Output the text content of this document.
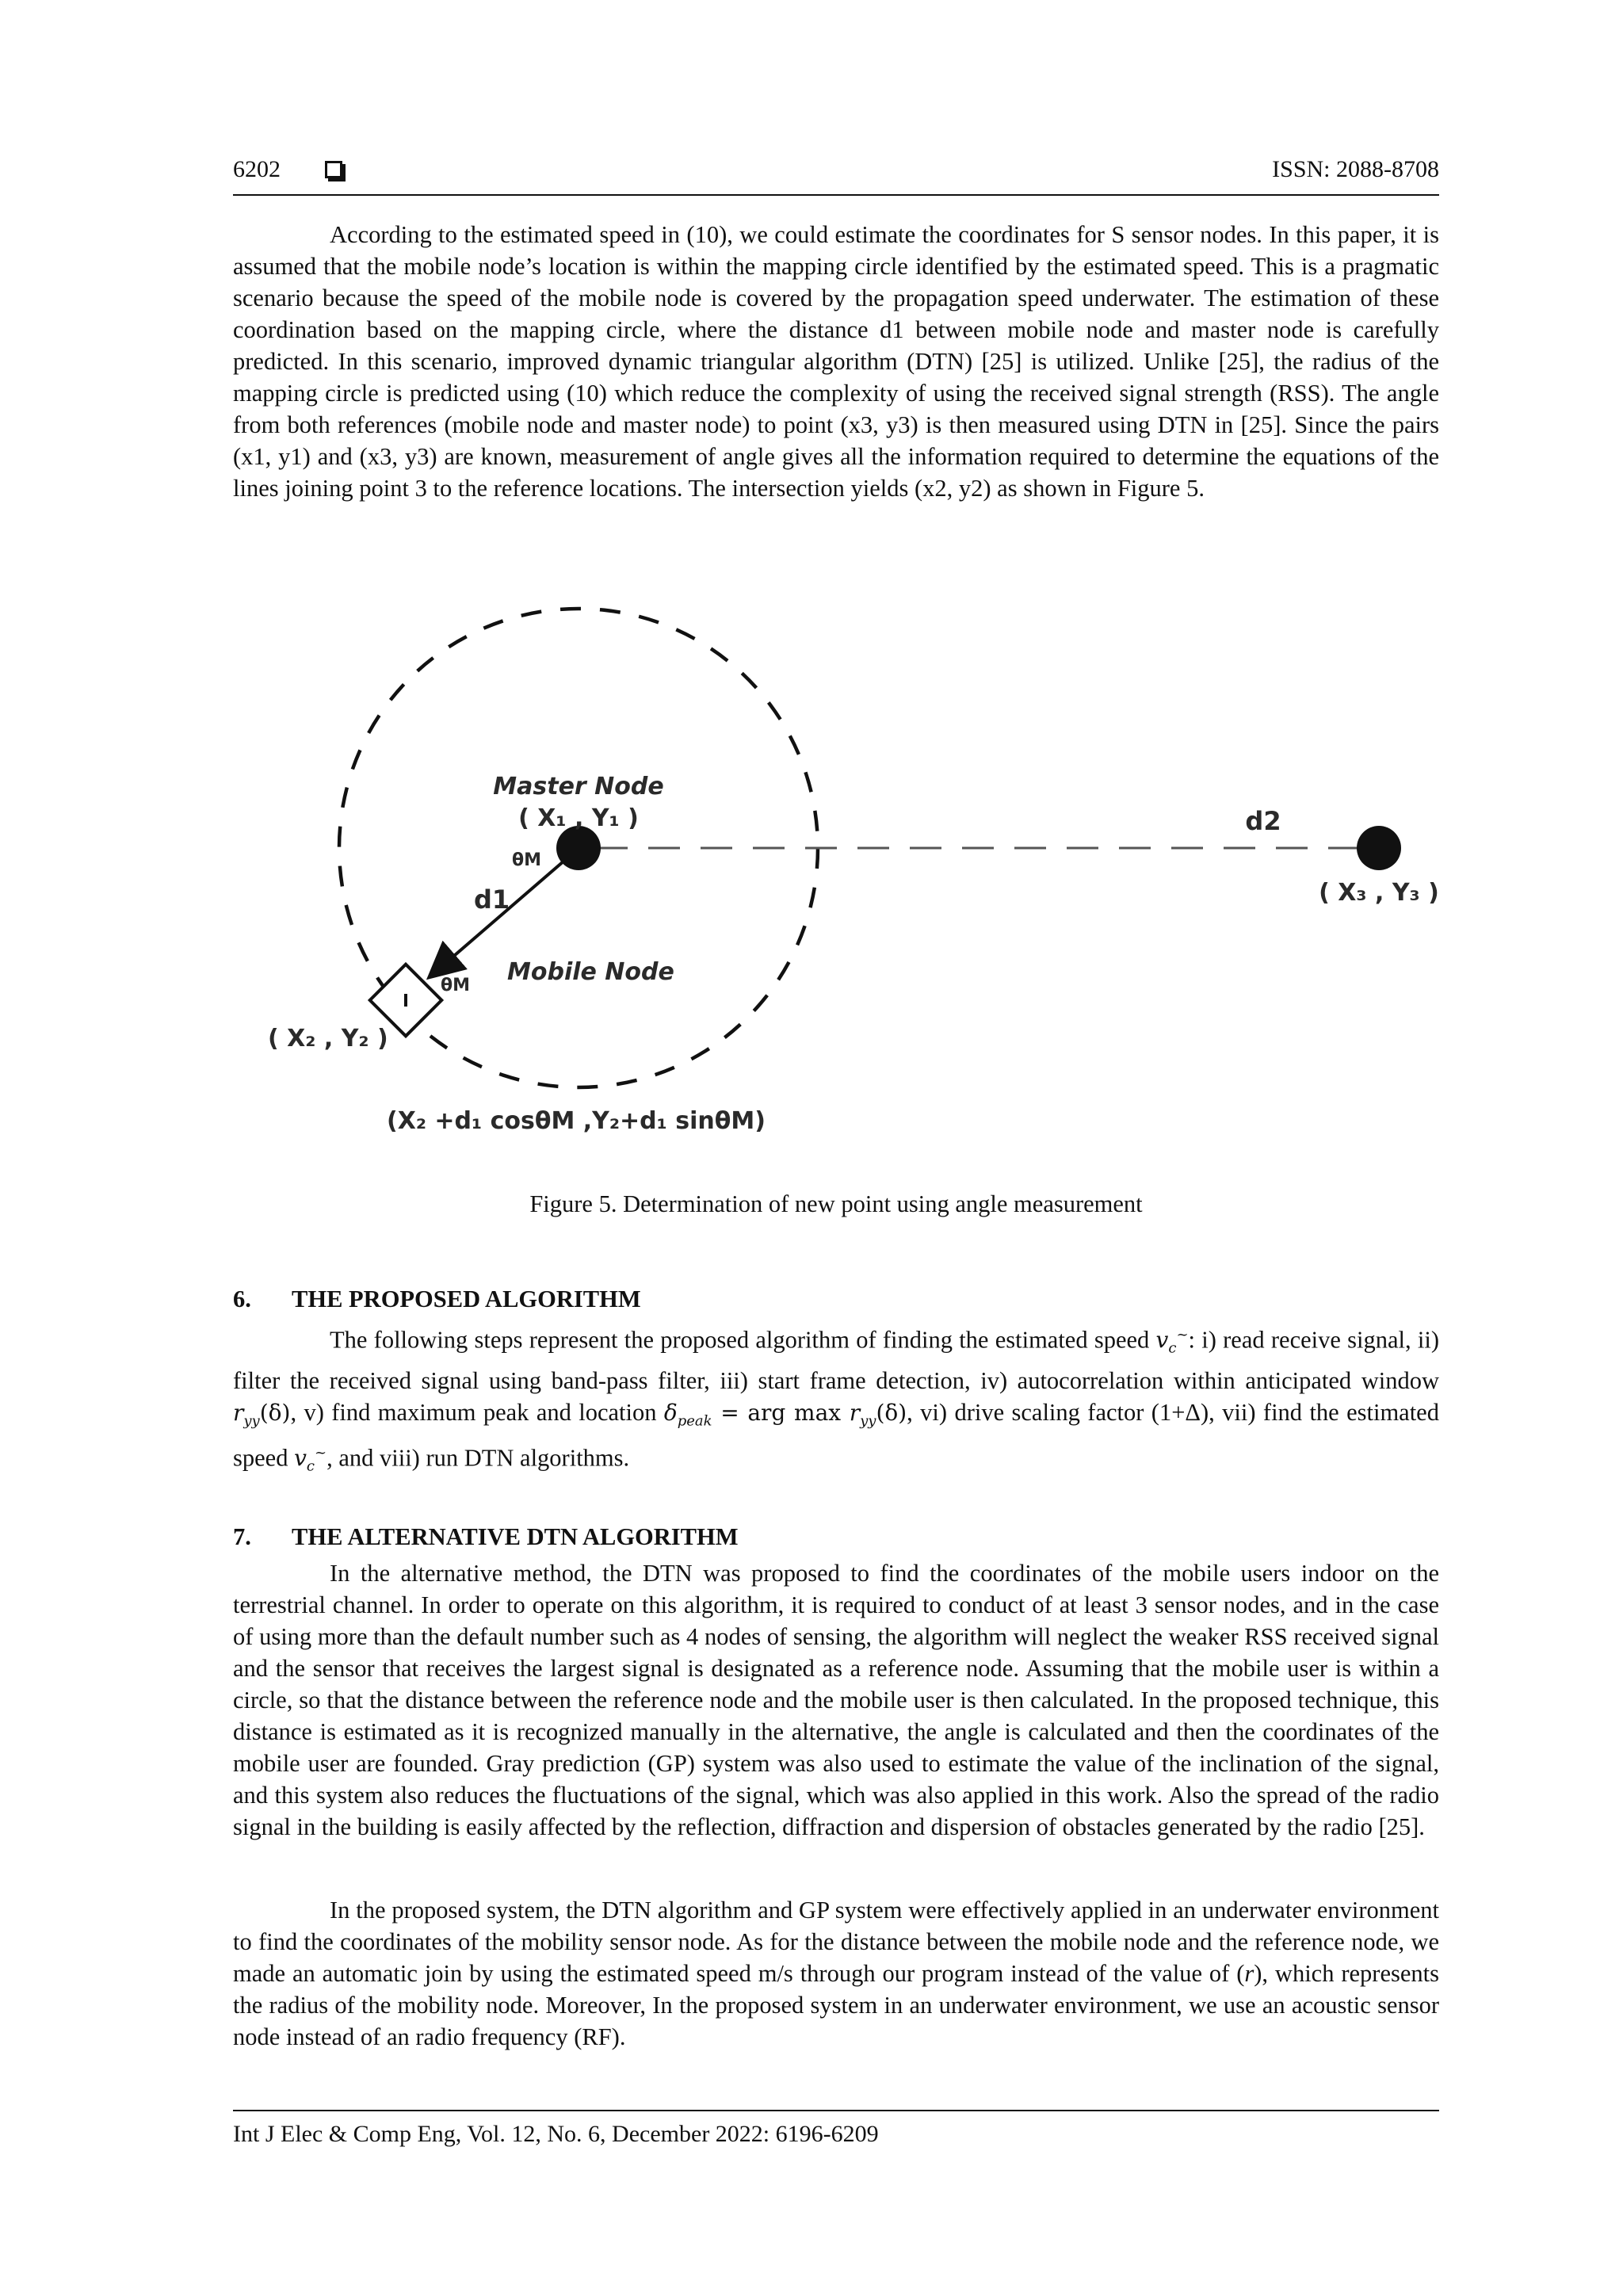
6202	ISSN: 2088-8708

According to the estimated speed in (10), we could estimate the coordinates for S sensor nodes. In this paper, it is assumed that the mobile node’s location is within the mapping circle identified by the estimated speed. This is a pragmatic scenario because the speed of the mobile node is covered by the propagation speed underwater. The estimation of these coordination based on the mapping circle, where the distance d1 between mobile node and master node is carefully predicted. In this scenario, improved dynamic triangular algorithm (DTN) [25] is utilized. Unlike [25], the radius of the mapping circle is predicted using (10) which reduce the complexity of using the received signal strength (RSS). The angle from both references (mobile node and master node) to point (x3, y3) is then measured using DTN in [25]. Since the pairs (x1, y1) and (x3, y3) are known, measurement of angle gives all the information required to determine the equations of the lines joining point 3 to the reference locations. The intersection yields (x2, y2) as shown in Figure 5.

Master Node
( X₁ , Y₁ )	d2
( X₃ , Y₃ )
d1
θM
θM Mobile Node
( X₂ , Y₂ )
(X₂ +d₁ cosθM ,Y₂+d₁ sinθM)
Figure 5. Determination of new point using angle measurement
6. THE PROPOSED ALGORITHM

The following steps represent the proposed algorithm of finding the estimated speed $v_c^\sim$: i) read receive signal, ii) filter the received signal using band-pass filter, iii) start frame detection, iv) autocorrelation within anticipated window $r_{yy}(\delta)$, v) find maximum peak and location $\delta_{peak}$ = arg $\max r_{yy}(\delta)$, vi) drive scaling factor (1+Δ), vii) find the estimated speed $v_c^\sim$, and viii) run DTN algorithms.

7. THE ALTERNATIVE DTN ALGORITHM

In the alternative method, the DTN was proposed to find the coordinates of the mobile users indoor on the terrestrial channel. In order to operate on this algorithm, it is required to conduct of at least 3 sensor nodes, and in the case of using more than the default number such as 4 nodes of sensing, the algorithm will neglect the weaker RSS received signal and the sensor that receives the largest signal is designated as a reference node. Assuming that the mobile user is within a circle, so that the distance between the reference node and the mobile user is then calculated. In the proposed technique, this distance is estimated as it is recognized manually in the alternative, the angle is calculated and then the coordinates of the mobile user are founded. Gray prediction (GP) system was also used to estimate the value of the inclination of the signal, and this system also reduces the fluctuations of the signal, which was also applied in this work. Also the spread of the radio signal in the building is easily affected by the reflection, diffraction and dispersion of obstacles generated by the radio [25].

In the proposed system, the DTN algorithm and GP system were effectively applied in an underwater environment to find the coordinates of the mobility sensor node. As for the distance between the mobile node and the reference node, we made an automatic join by using the estimated speed m/s through our program instead of the value of (r), which represents the radius of the mobility node. Moreover, In the proposed system in an underwater environment, we use an acoustic sensor node instead of an radio frequency (RF).

Int J Elec & Comp Eng, Vol. 12, No. 6, December 2022: 6196-6209
